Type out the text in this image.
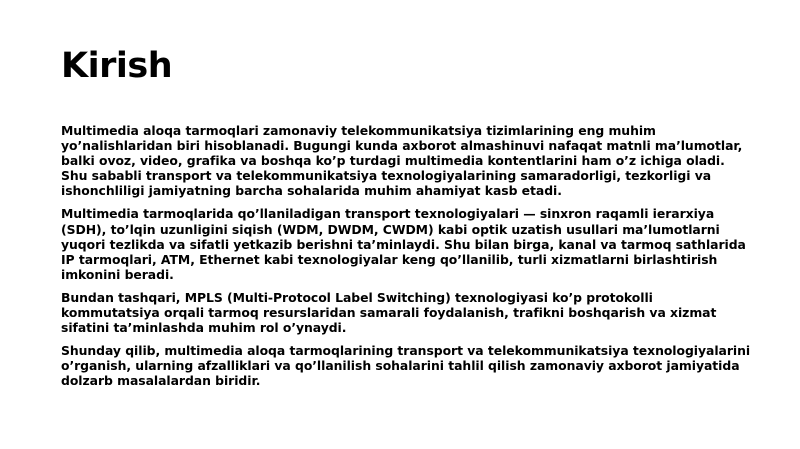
Kirish

Multimedia aloqa tarmoqlari zamonaviy telekommunikatsiya tizimlarining eng muhim yo’nalishlaridan biri hisoblanadi. Bugungi kunda axborot almashinuvi nafaqat matnli ma’lumotlar, balki ovoz, video, grafika va boshqa ko’p turdagi multimedia kontentlarini ham o’z ichiga oladi. Shu sababli transport va telekommunikatsiya texnologiyalarining samaradorligi, tezkorligi va ishonchliligi jamiyatning barcha sohalarida muhim ahamiyat kasb etadi.

Multimedia tarmoqlarida qo’llaniladigan transport texnologiyalari — sinxron raqamli ierarxiya (SDH), to’lqin uzunligini siqish (WDM, DWDM, CWDM) kabi optik uzatish usullari ma’lumotlarni yuqori tezlikda va sifatli yetkazib berishni ta’minlaydi. Shu bilan birga, kanal va tarmoq sathlarida IP tarmoqlari, ATM, Ethernet kabi texnologiyalar keng qo’llanilib, turli xizmatlarni birlashtirish imkonini beradi.

Bundan tashqari, MPLS (Multi-Protocol Label Switching) texnologiyasi ko’p protokolli kommutatsiya orqali tarmoq resurslaridan samarali foydalanish, trafikni boshqarish va xizmat sifatini ta’minlashda muhim rol o’ynaydi.

Shunday qilib, multimedia aloqa tarmoqlarining transport va telekommunikatsiya texnologiyalarini o’rganish, ularning afzalliklari va qo’llanilish sohalarini tahlil qilish zamonaviy axborot jamiyatida dolzarb masalalardan biridir.
